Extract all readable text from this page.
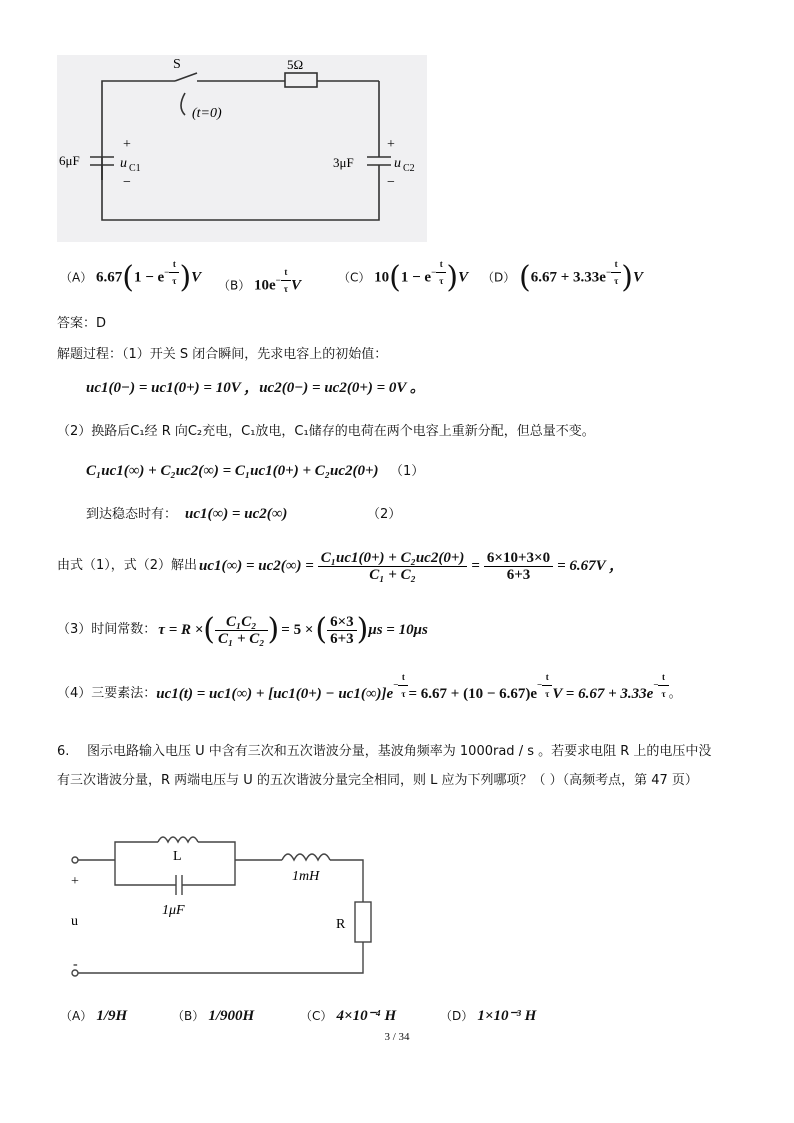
S	5Ω
(t=0)
6μF
+
u C1
−
3μF
+
u C2
−
（A） $6.67(1 - e^{- \frac{t}{\tau}}$ )V （B） $10e^{- \frac{t}{\tau}}$ V	（C） $10(1 - e^{- \frac{t}{\tau}}$ )V （D） ($6.67 + 3.33e^{- \frac{t}{\tau}}$ )V
答案：D
解题过程：（1）开关 S 闭合瞬间，先求电容上的初始值：
uc1(0−) = uc1(0+) = 10V ，uc2(0−) = uc2(0+) = 0V 。
（2）换路后C₁经 R 向C₂充电，C₁放电，C₁储存的电荷在两个电容上重新分配，但总量不变。
C₁uc1(∞) + C₂uc2(∞) = C₁uc1(0+) + C₂uc2(0+) （1）
到达稳态时有： uc1(∞) = uc2(∞)	（2）
由式（1），式（2）解出 $uc1(\infty) = uc2(\infty) = \frac{\text{C₁uc1(0+) + C₂uc2(0+)}}{\text{C₁ + C₂}} = \frac{6\times 10+3\times 0}{6+3} = 6.67V$ ，
（3）时间常数： τ = R × ( $\frac{\text{C₁C₂}}{\text{C₁ + C₂}}$ ) = 5 × ( $\frac{6\times 3}{6+3}$ ) μs = 10μs
（4）三要素法： uc1(t) = uc1(∞) + [uc1(0+) − uc1(∞)]e
$^{- \frac{t}{\tau}}$ = 6.67 + (10 − 6.67)e
$^{- \frac{t}{\tau}}$ V = 6.67 + 3.33e
$^{- \frac{t}{\tau}}$ 。
6. 图示电路输入电压 U 中含有三次和五次谐波分量，基波角频率为 1000rad / s 。若要求电阻 R 上的电压中没
有三次谐波分量，R 两端电压与 U 的五次谐波分量完全相同，则 L 应为下列哪项？（ ）（高频考点，第 47 页）
L
1μF
1mH
R
+
u
-
（A） 1/9H	（B） 1/900H	（C） 4×10⁻⁴ H	（D） 1×10⁻³ H
3 / 34
